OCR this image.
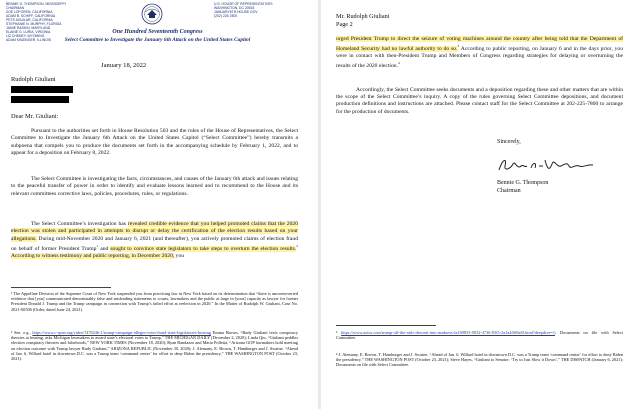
BENNIE G. THOMPSON, MISSISSIPPI
CHAIRMAN
ZOE LOFGREN, CALIFORNIA
ADAM B. SCHIFF, CALIFORNIA
PETE AGUILAR, CALIFORNIA
STEPHANIE N. MURPHY, FLORIDA
JAMIE RASKIN, MARYLAND
ELAINE G. LURIA, VIRGINIA
LIZ CHENEY, WYOMING
ADAM KINZINGER, ILLINOIS
U.S. HOUSE OF REPRESENTATIVES
WASHINGTON, DC 20515
JANUARY6TH.HOUSE.GOV
(202) 225-7800
One Hundred Seventeenth Congress
Select Committee to Investigate the January 6th Attack on the United States Capitol
January 18, 2022
Rudolph Giuliani
Dear Mr. Giuliani:
Pursuant to the authorities set forth in House Resolution 503 and the rules of the House of Representatives, the Select Committee to Investigate the January 6th Attack on the United States Capitol (“Select Committee”) hereby transmits a subpoena that compels you to produce the documents set forth in the accompanying schedule by February 1, 2022, and to appear for a deposition on February 8, 2022.
The Select Committee is investigating the facts, circumstances, and causes of the January 6th attack and issues relating to the peaceful transfer of power in order to identify and evaluate lessons learned and to recommend to the House and its relevant committees corrective laws, policies, procedures, rules, or regulations.
The Select Committee’s investigation has revealed credible evidence that you helped promoted claims that the 2020 election was stolen and participated in attempts to disrupt or delay the certification of the election results based on your allegations. During mid-November 2020 and January 6, 2021 (and thereafter), you actively promoted claims of election fraud on behalf of former President Trump$^1$ and sought to convince state legislators to take steps to overturn the election results.$^2$ According to witness testimony and public reporting, in December 2020, you
¹ The Appellate Division of the Supreme Court of New York suspended you from practicing law in New York based on its determination that “there is uncontroverted evidence that [you] communicated demonstrably false and misleading statements to courts, lawmakers and the public at large in [your] capacity as lawyer for former President Donald J. Trump and the Trump campaign in connection with Trump’s failed effort at reelection in 2020.” In the Matter of Rudolph W. Giuliani, Case No. 2021-00506 (Order, dated June 24, 2021).
² See, e.g., https://www.c-span.org/video/?478246-1/trump-campaign-alleges-voter-fraud-state-legislatures-hearing Emma Brown, “Rudy Giuliani texts conspiracy theories at hearing, asks Michigan lawmakers to award state’s electoral votes to Trump,” THE MICHIGAN DAILY (December 2, 2020); Linda Qiu, “Giuliani peddles election conspiracy theories and falsehoods,” NEW YORK TIMES (November 18, 2020); Ryan Randazzo and Maria Polletta, “Arizona GOP lawmakers hold meeting on election outcome with Trump lawyer Rudy Giuliani,” ARIZONA REPUBLIC (November 30, 2020); J. Alemany, E. Brown, T. Hamburger and J. Swaine, “Ahead of Jan. 6, Willard hotel in downtown D.C. was a Trump team ‘command center’ for effort to deny Biden the presidency,” THE WASHINGTON POST (October 23, 2021).
Mr. Rudolph Giuliani
Page 2
urged President Trump to direct the seizure of voting machines around the country after being told that the Department of Homeland Security had no lawful authority to do so.$^3$ According to public reporting, on January 6 and in the days prior, you were in contact with then-President Trump and Members of Congress regarding strategies for delaying or overturning the results of the 2020 election.$^4$
Accordingly, the Select Committee seeks documents and a deposition regarding these and other matters that are within the scope of the Select Committee’s inquiry. A copy of the rules governing Select Committee depositions, and document production definitions and instructions are attached. Please contact staff for the Select Committee at 202-225-7800 to arrange for the production of documents.
Sincerely,
Bennie G. Thompson
Chairman
³ https://www.axios.com/trump-off-the-rails-descent-into-madness-fa169833-9052-4736-83f5-2a1a4f0f8a8f.html?deepdive=1; Documents on file with Select Committee.
⁴ J. Alemany, E. Brown, T. Hamburger and J. Swaine, “Ahead of Jan. 6, Willard hotel in downtown D.C. was a Trump team ‘command center’ for effort to deny Biden the presidency,” THE WASHINGTON POST (October 23, 2021); Steve Hayes, “Giuliani to Senator: ‘Try to Just Slow it Down’,” THE DISPATCH (January 6, 2021); Documents on file with Select Committee.
